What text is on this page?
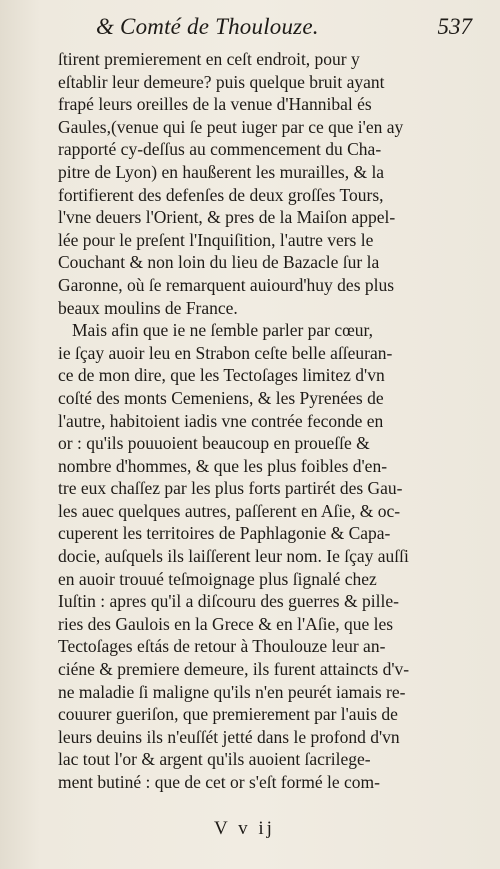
& Comté de Thoulouze.	537
ſtirent premierement en ceſt endroit, pour y
eſtablir leur demeure? puis quelque bruit ayant
frapé leurs oreilles de la venue d'Hannibal és
Gaules,(venue qui ſe peut iuger par ce que i'en ay
rapporté cy-deſſus au commencement du Cha-
pitre de Lyon) en haußerent les murailles, & la
fortifierent des defenſes de deux groſſes Tours,
l'vne deuers l'Orient, & pres de la Maiſon appel-
lée pour le preſent l'Inquiſition, l'autre vers le
Couchant & non loin du lieu de Bazacle ſur la
Garonne, où ſe remarquent auiourd'huy des plus
beaux moulins de France.
Mais afin que ie ne ſemble parler par cœur,
ie ſçay auoir leu en Strabon ceſte belle aſſeuran-
ce de mon dire, que les Tectoſages limitez d'vn
coſté des monts Cemeniens, & les Pyrenées de
l'autre, habitoient iadis vne contrée feconde en
or : qu'ils pouuoient beaucoup en proueſſe &
nombre d'hommes, & que les plus foibles d'en-
tre eux chaſſez par les plus forts partirét des Gau-
les auec quelques autres, paſſerent en Aſie, & oc-
cuperent les territoires de Paphlagonie & Capa-
docie, auſquels ils laiſſerent leur nom. Ie ſçay auſſi
en auoir trouué teſmoignage plus ſignalé chez
Iuſtin : apres qu'il a diſcouru des guerres & pille-
ries des Gaulois en la Grece & en l'Aſie, que les
Tectoſages eſtás de retour à Thoulouze leur an-
ciéne & premiere demeure, ils furent attaincts d'v-
ne maladie ſi maligne qu'ils n'en peurét iamais re-
couurer gueriſon, que premierement par l'auis de
leurs deuins ils n'euſſét jetté dans le profond d'vn
lac tout l'or & argent qu'ils auoient ſacrilege-
ment butiné : que de cet or s'eſt formé le com-
V v ij
